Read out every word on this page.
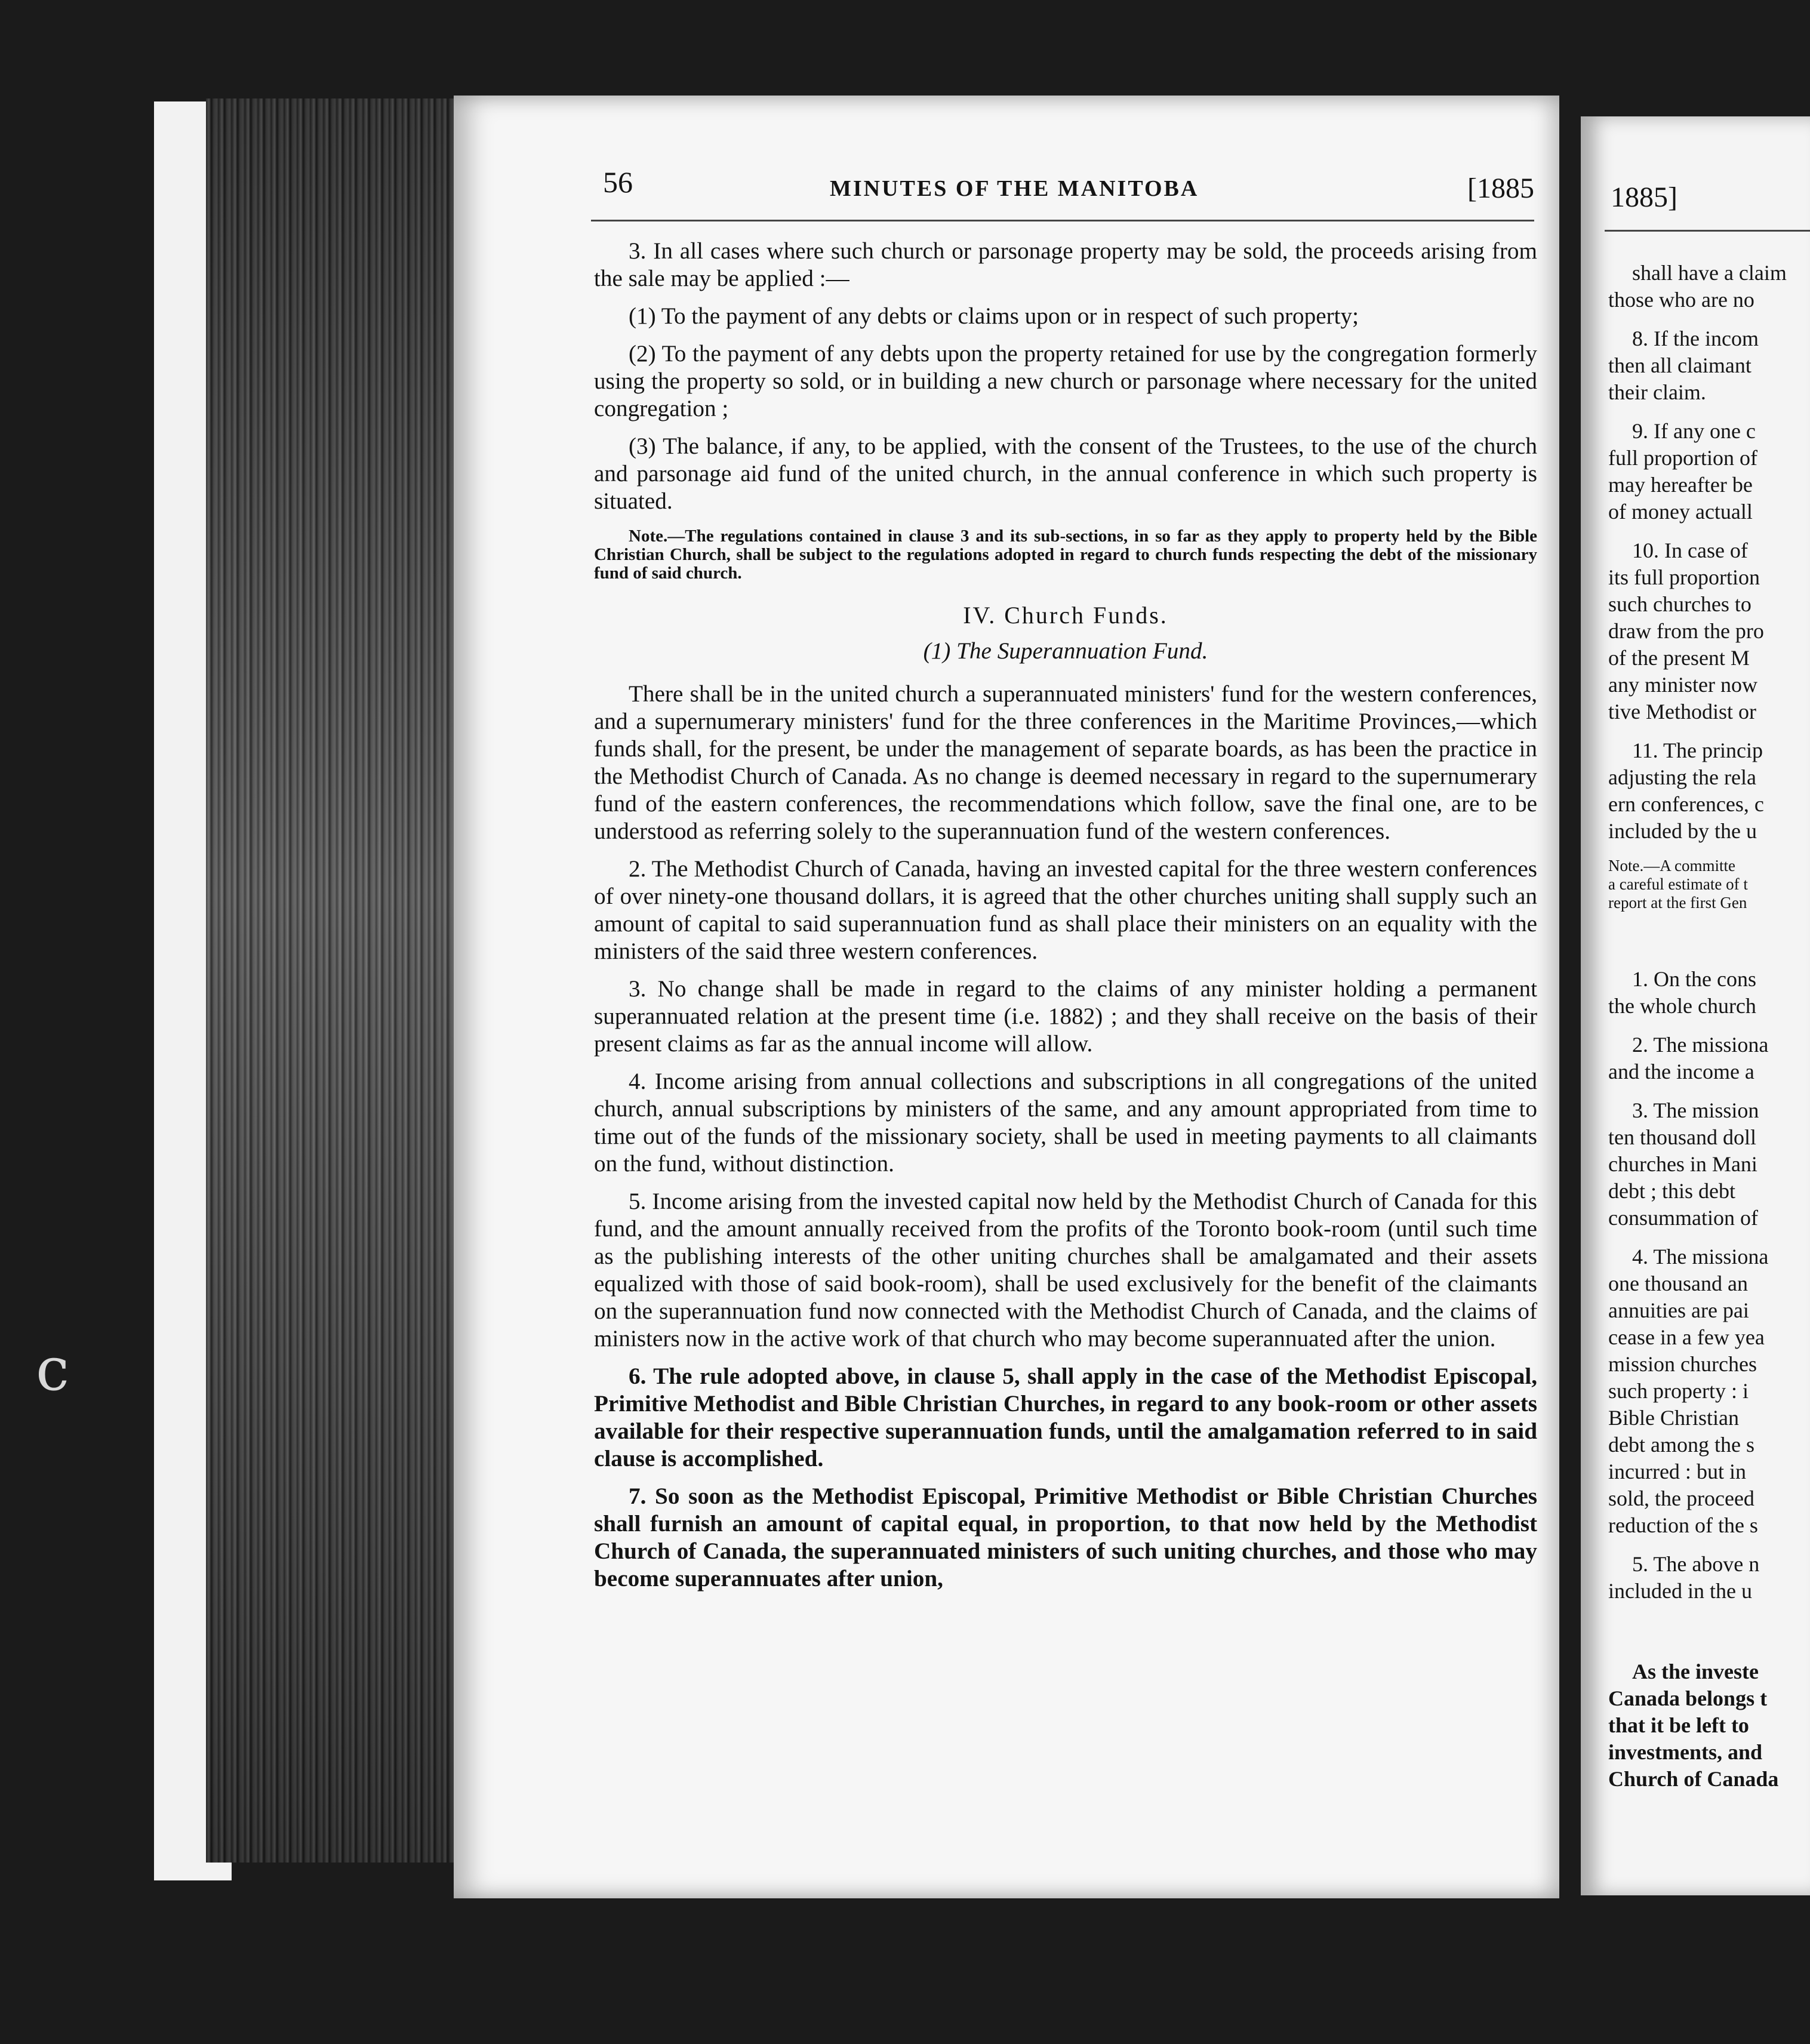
c
56	MINUTES OF THE MANITOBA	[1885

3. In all cases where such church or parsonage property may be sold, the proceeds arising from the sale may be applied :—

(1) To the payment of any debts or claims upon or in respect of such property;

(2) To the payment of any debts upon the property retained for use by the congregation formerly using the property so sold, or in building a new church or parsonage where necessary for the united congregation ;

(3) The balance, if any, to be applied, with the consent of the Trustees, to the use of the church and parsonage aid fund of the united church, in the annual conference in which such property is situated.

Note.—The regulations contained in clause 3 and its sub-sections, in so far as they apply to property held by the Bible Christian Church, shall be subject to the regulations adopted in regard to church funds respecting the debt of the missionary fund of said church.

IV. Church Funds.
(1) The Superannuation Fund.

There shall be in the united church a superannuated ministers' fund for the western conferences, and a supernumerary ministers' fund for the three conferences in the Maritime Provinces,—which funds shall, for the present, be under the management of separate boards, as has been the practice in the Methodist Church of Canada. As no change is deemed necessary in regard to the supernumerary fund of the eastern conferences, the recommendations which follow, save the final one, are to be understood as referring solely to the superannuation fund of the western conferences.

2. The Methodist Church of Canada, having an invested capital for the three western conferences of over ninety-one thousand dollars, it is agreed that the other churches uniting shall supply such an amount of capital to said superannuation fund as shall place their ministers on an equality with the ministers of the said three western conferences.

3. No change shall be made in regard to the claims of any minister holding a permanent superannuated relation at the present time (i.e. 1882) ; and they shall receive on the basis of their present claims as far as the annual income will allow.

4. Income arising from annual collections and subscriptions in all congregations of the united church, annual subscriptions by ministers of the same, and any amount appropriated from time to time out of the funds of the missionary society, shall be used in meeting payments to all claimants on the fund, without distinction.

5. Income arising from the invested capital now held by the Methodist Church of Canada for this fund, and the amount annually received from the profits of the Toronto book-room (until such time as the publishing interests of the other uniting churches shall be amalgamated and their assets equalized with those of said book-room), shall be used exclusively for the benefit of the claimants on the superannuation fund now connected with the Methodist Church of Canada, and the claims of ministers now in the active work of that church who may become superannuated after the union.

6. The rule adopted above, in clause 5, shall apply in the case of the Methodist Episcopal, Primitive Methodist and Bible Christian Churches, in regard to any book-room or other assets available for their respective superannuation funds, until the amalgamation referred to in said clause is accomplished.

7. So soon as the Methodist Episcopal, Primitive Methodist or Bible Christian Churches shall furnish an amount of capital equal, in proportion, to that now held by the Methodist Church of Canada, the superannuated ministers of such uniting churches, and those who may become superannuates after union,

1885]

shall have a claim
those who are no

8. If the incom
then all claimant
their claim.

9. If any one c
full proportion of
may hereafter be
of money actuall

10. In case of
its full proportion
such churches to
draw from the pro
of the present M
any minister now
tive Methodist or

11. The princip
adjusting the rela
ern conferences, c
included by the u

Note.—A committe
a careful estimate of t
report at the first Gen

1. On the cons
the whole church

2. The missiona
and the income a

3. The mission
ten thousand doll
churches in Mani
debt ; this debt
consummation of

4. The missiona
one thousand an
annuities are pai
cease in a few yea
mission churches
such property : i
Bible Christian
debt among the s
incurred : but in
sold, the proceed
reduction of the s

5. The above n
included in the u

As the investe
Canada belongs t
that it be left to
investments, and
Church of Canada
